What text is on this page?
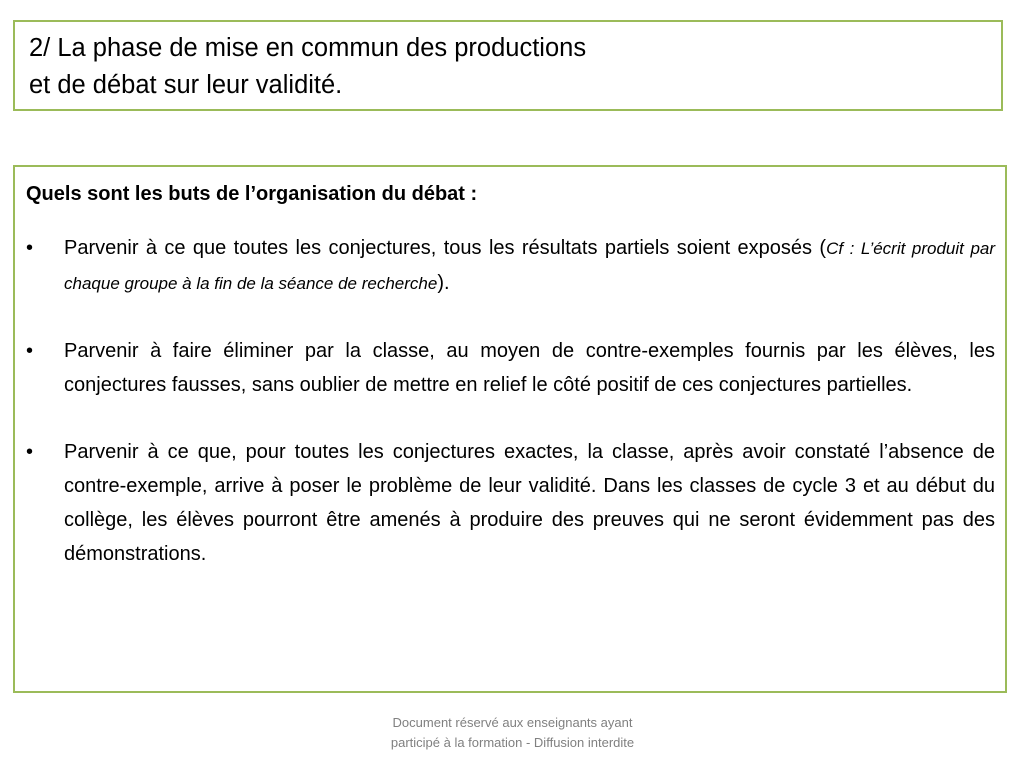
2/ La phase de mise en commun des productions
et de débat sur leur validité.
Quels sont les buts de l’organisation du débat :
•	Parvenir à ce que toutes les conjectures, tous les résultats partiels soient exposés (Cf : L’écrit produit par chaque groupe à la fin de la séance de recherche).
•	Parvenir à faire éliminer par la classe, au moyen de contre-exemples fournis par les élèves, les conjectures fausses, sans oublier de mettre en relief le côté positif de ces conjectures partielles.
•	Parvenir à ce que, pour toutes les conjectures exactes, la classe, après avoir constaté l’absence de contre-exemple, arrive à poser le problème de leur validité. Dans les classes de cycle 3 et au début du collège, les élèves pourront être amenés à produire des preuves qui ne seront évidemment pas des démonstrations.
Document réservé aux enseignants ayant
participé à la formation - Diffusion interdite
